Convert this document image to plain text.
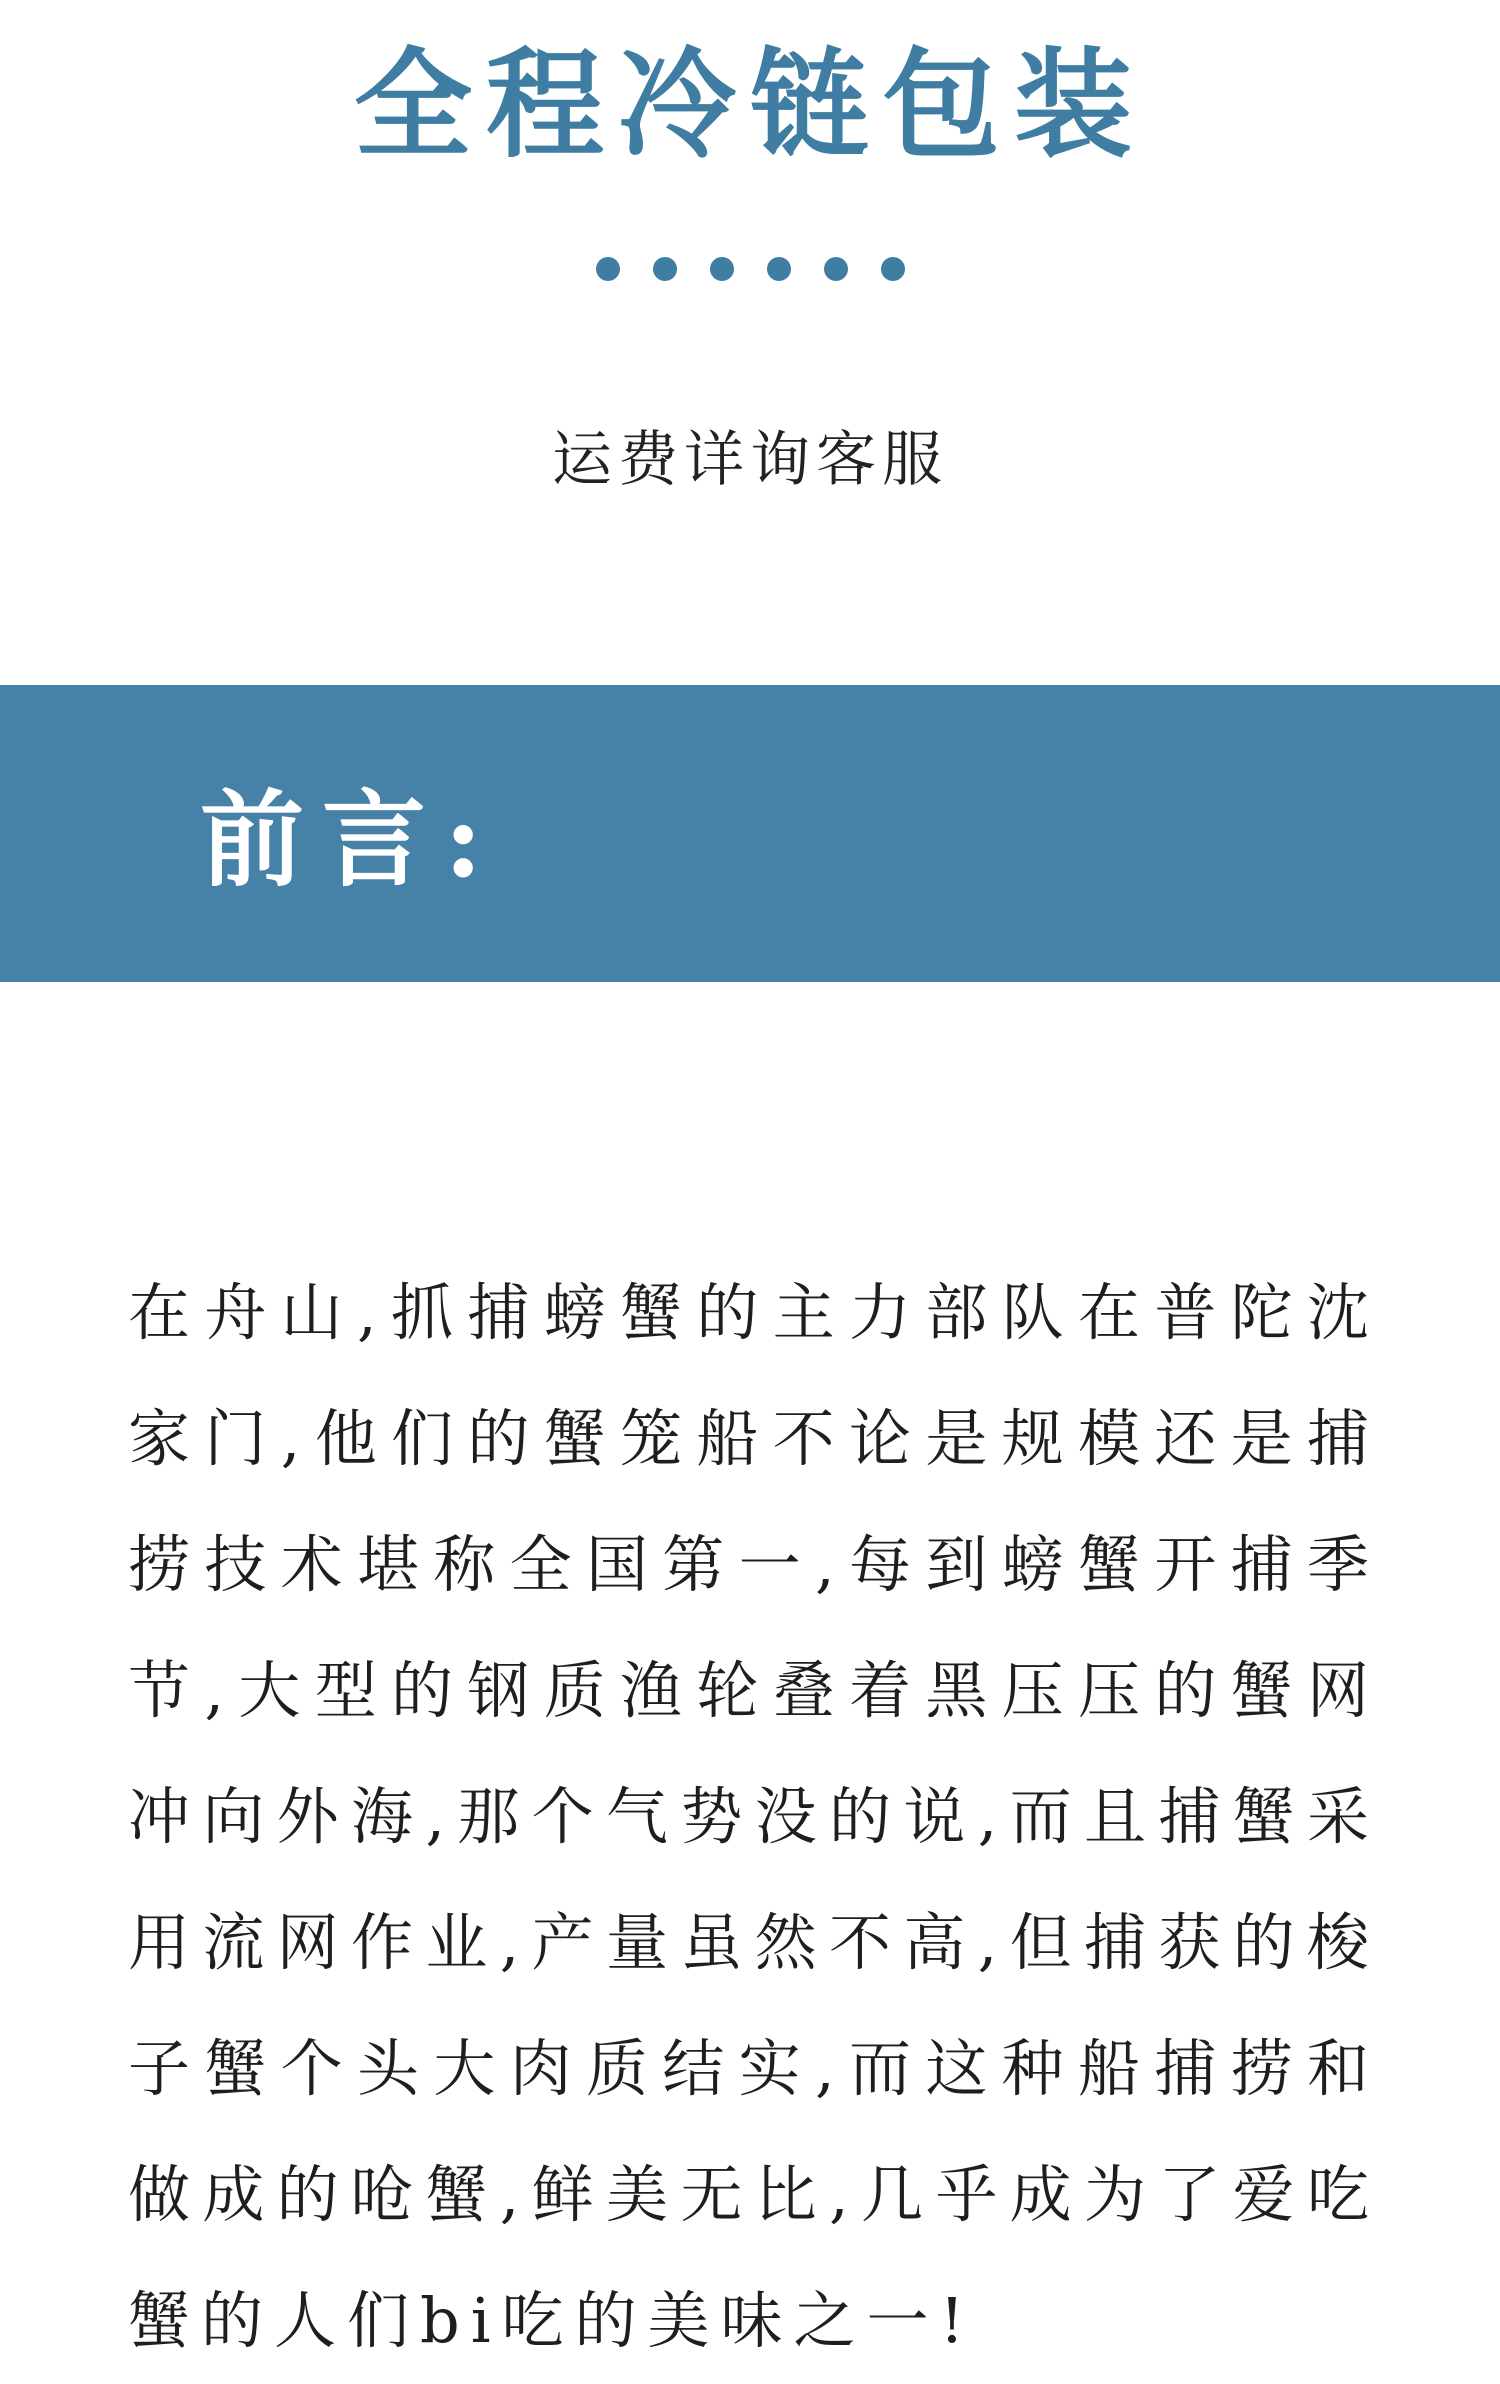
全程冷链包装
运费详询客服
前言:

在舟山,抓捕螃蟹的主力部队在普陀沈家门,他们的蟹笼船不论是规模还是捕捞技术堪称全国第一,每到螃蟹开捕季节,大型的钢质渔轮叠着黑压压的蟹网冲向外海,那个气势没的说,而且捕蟹采用流网作业,产量虽然不高,但捕获的梭子蟹个头大肉质结实,而这种船捕捞和做成的呛蟹,鲜美无比,几乎成为了爱吃蟹的人们bi吃的美味之一!
